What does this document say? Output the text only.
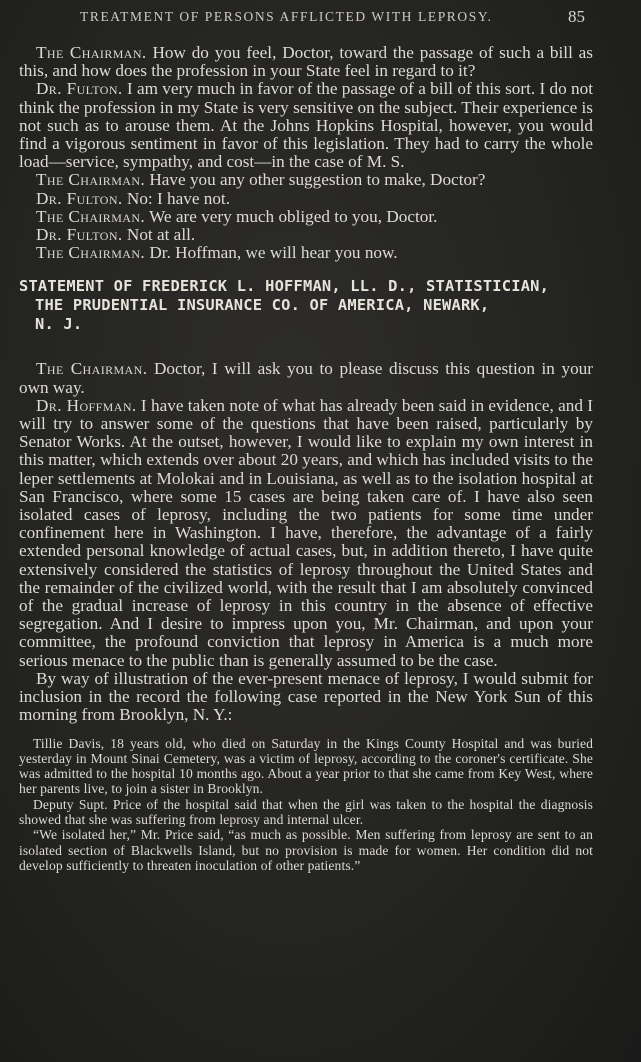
TREATMENT OF PERSONS AFFLICTED WITH LEPROSY.	85

The Chairman. How do you feel, Doctor, toward the passage of such a bill as this, and how does the profession in your State feel in regard to it?

Dr. Fulton. I am very much in favor of the passage of a bill of this sort. I do not think the profession in my State is very sensitive on the subject. Their experience is not such as to arouse them. At the Johns Hopkins Hospital, however, you would find a vigorous sentiment in favor of this legislation. They had to carry the whole load—service, sympathy, and cost—in the case of M. S.

The Chairman. Have you any other suggestion to make, Doctor?

Dr. Fulton. No: I have not.

The Chairman. We are very much obliged to you, Doctor.

Dr. Fulton. Not at all.

The Chairman. Dr. Hoffman, we will hear you now.

STATEMENT OF FREDERICK L. HOFFMAN, LL. D., STATISTICIAN,
THE PRUDENTIAL INSURANCE CO. OF AMERICA, NEWARK,
N. J.

The Chairman. Doctor, I will ask you to please discuss this question in your own way.

Dr. Hoffman. I have taken note of what has already been said in evidence, and I will try to answer some of the questions that have been raised, particularly by Senator Works. At the outset, however, I would like to explain my own interest in this matter, which extends over about 20 years, and which has included visits to the leper settlements at Molokai and in Louisiana, as well as to the isolation hospital at San Francisco, where some 15 cases are being taken care of. I have also seen isolated cases of leprosy, including the two patients for some time under confinement here in Washington. I have, therefore, the advantage of a fairly extended personal knowledge of actual cases, but, in addition thereto, I have quite extensively considered the statistics of leprosy throughout the United States and the remainder of the civilized world, with the result that I am absolutely convinced of the gradual increase of leprosy in this country in the absence of effective segregation. And I desire to impress upon you, Mr. Chairman, and upon your committee, the profound conviction that leprosy in America is a much more serious menace to the public than is generally assumed to be the case.

By way of illustration of the ever-present menace of leprosy, I would submit for inclusion in the record the following case reported in the New York Sun of this morning from Brooklyn, N. Y.:

Tillie Davis, 18 years old, who died on Saturday in the Kings County Hospital and was buried yesterday in Mount Sinai Cemetery, was a victim of leprosy, according to the coroner's certificate. She was admitted to the hospital 10 months ago. About a year prior to that she came from Key West, where her parents live, to join a sister in Brooklyn.

Deputy Supt. Price of the hospital said that when the girl was taken to the hospital the diagnosis showed that she was suffering from leprosy and internal ulcer.

“We isolated her,” Mr. Price said, “as much as possible. Men suffering from leprosy are sent to an isolated section of Blackwells Island, but no provision is made for women. Her condition did not develop sufficiently to threaten inoculation of other patients.”
